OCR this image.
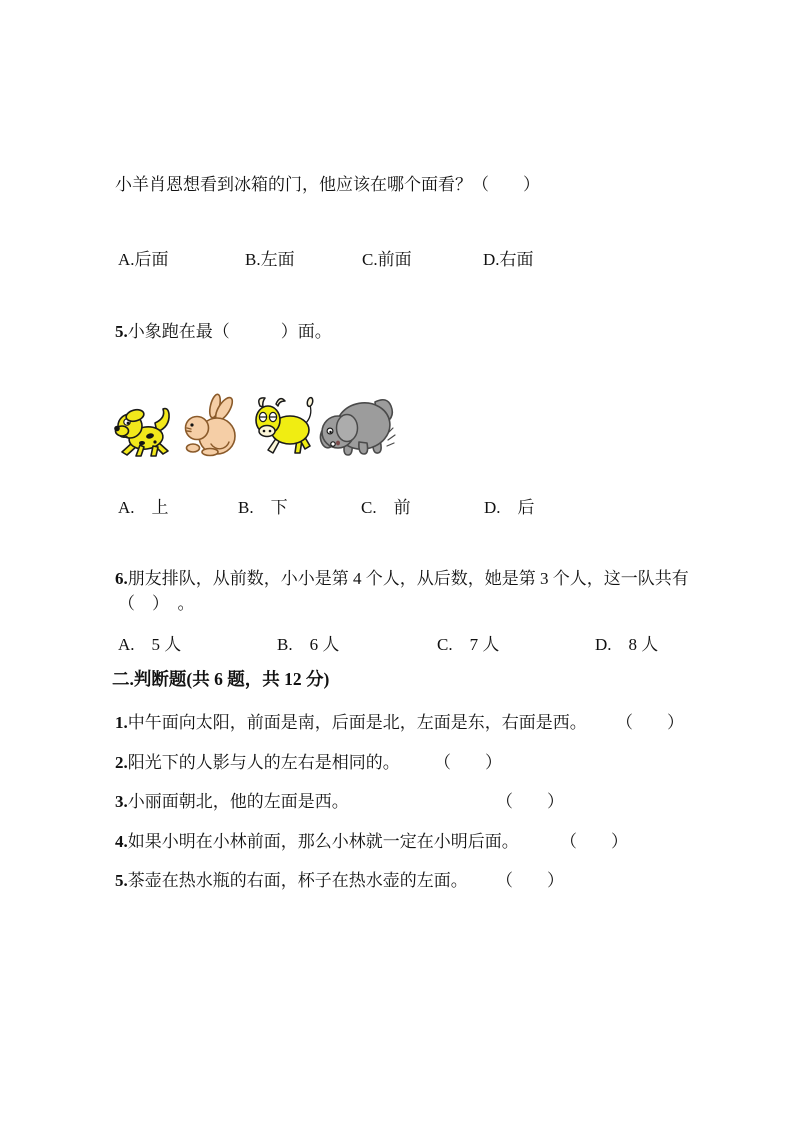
小羊肖恩想看到冰箱的门，他应该在哪个面看？（　　）
A.后面	B.左面	C.前面	D.右面
5.小象跑在最（　　　）面。
A.　上	B.　下	C.　前	D.　后
6.朋友排队，从前数，小小是第 4 个人，从后数，她是第 3 个人，这一队共有
（　）　。
A.　5 人	B.　6 人	C.　7 人	D.　8 人
二.判断题(共 6 题，共 12 分)
1.中午面向太阳，前面是南，后面是北，左面是东，右面是西。 （　　）
2.阳光下的人影与人的左右是相同的。 （　　）
3.小丽面朝北，他的左面是西。	（　　）
4.如果小明在小林前面，那么小林就一定在小明后面。 （　　）
5.茶壶在热水瓶的右面，杯子在热水壶的左面。 （　　）
